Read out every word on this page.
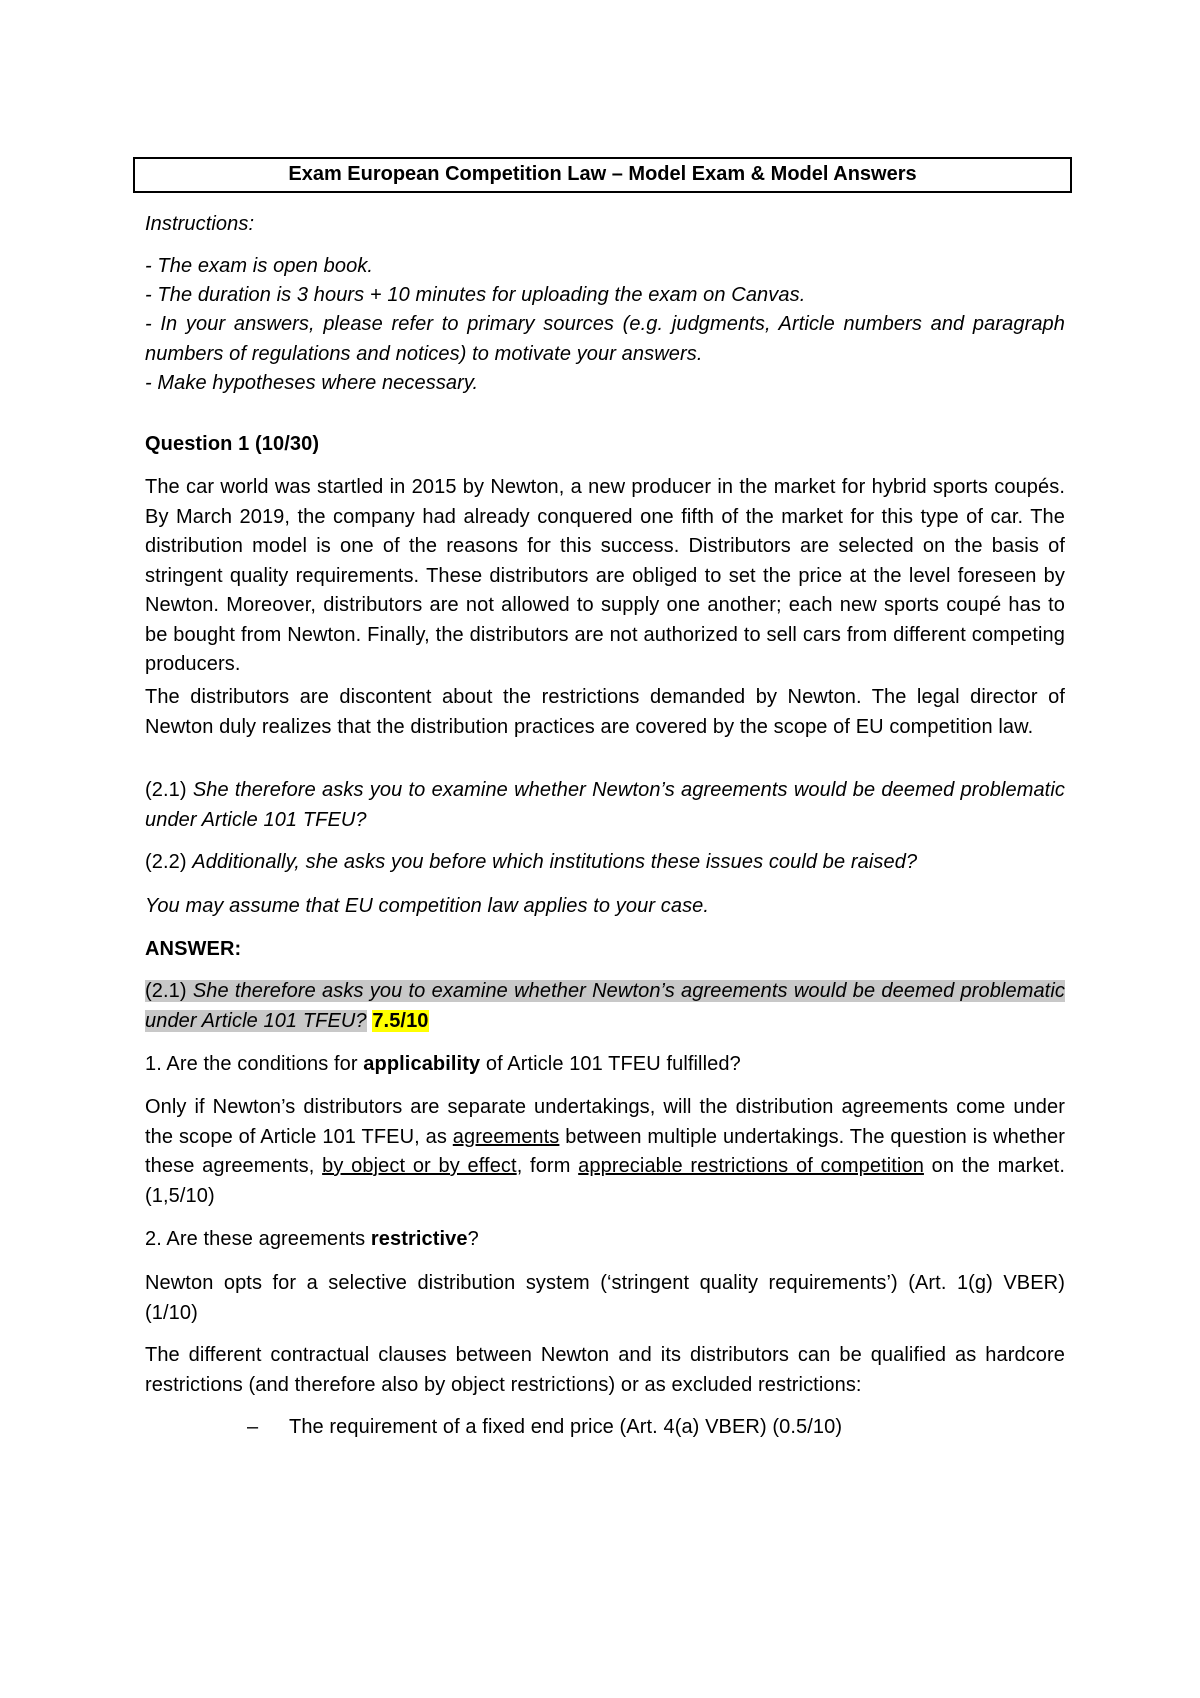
Exam European Competition Law – Model Exam & Model Answers
Instructions:
- The exam is open book.
- The duration is 3 hours + 10 minutes for uploading the exam on Canvas.
- In your answers, please refer to primary sources (e.g. judgments, Article numbers and paragraph numbers of regulations and notices) to motivate your answers.
- Make hypotheses where necessary.
Question 1 (10/30)

The car world was startled in 2015 by Newton, a new producer in the market for hybrid sports coupés. By March 2019, the company had already conquered one fifth of the market for this type of car. The distribution model is one of the reasons for this success. Distributors are selected on the basis of stringent quality requirements. These distributors are obliged to set the price at the level foreseen by Newton. Moreover, distributors are not allowed to supply one another; each new sports coupé has to be bought from Newton. Finally, the distributors are not authorized to sell cars from different competing producers.

The distributors are discontent about the restrictions demanded by Newton. The legal director of Newton duly realizes that the distribution practices are covered by the scope of EU competition law.

(2.1) She therefore asks you to examine whether Newton’s agreements would be deemed problematic under Article 101 TFEU?

(2.2) Additionally, she asks you before which institutions these issues could be raised?

You may assume that EU competition law applies to your case.

ANSWER:

(2.1) She therefore asks you to examine whether Newton’s agreements would be deemed problematic under Article 101 TFEU? 7.5/10

1. Are the conditions for applicability of Article 101 TFEU fulfilled?

Only if Newton’s distributors are separate undertakings, will the distribution agreements come under the scope of Article 101 TFEU, as agreements between multiple undertakings. The question is whether these agreements, by object or by effect, form appreciable restrictions of competition on the market. (1,5/10)

2. Are these agreements restrictive?

Newton opts for a selective distribution system (‘stringent quality requirements’) (Art. 1(g) VBER) (1/10)

The different contractual clauses between Newton and its distributors can be qualified as hardcore restrictions (and therefore also by object restrictions) or as excluded restrictions:

– The requirement of a fixed end price (Art. 4(a) VBER) (0.5/10)
